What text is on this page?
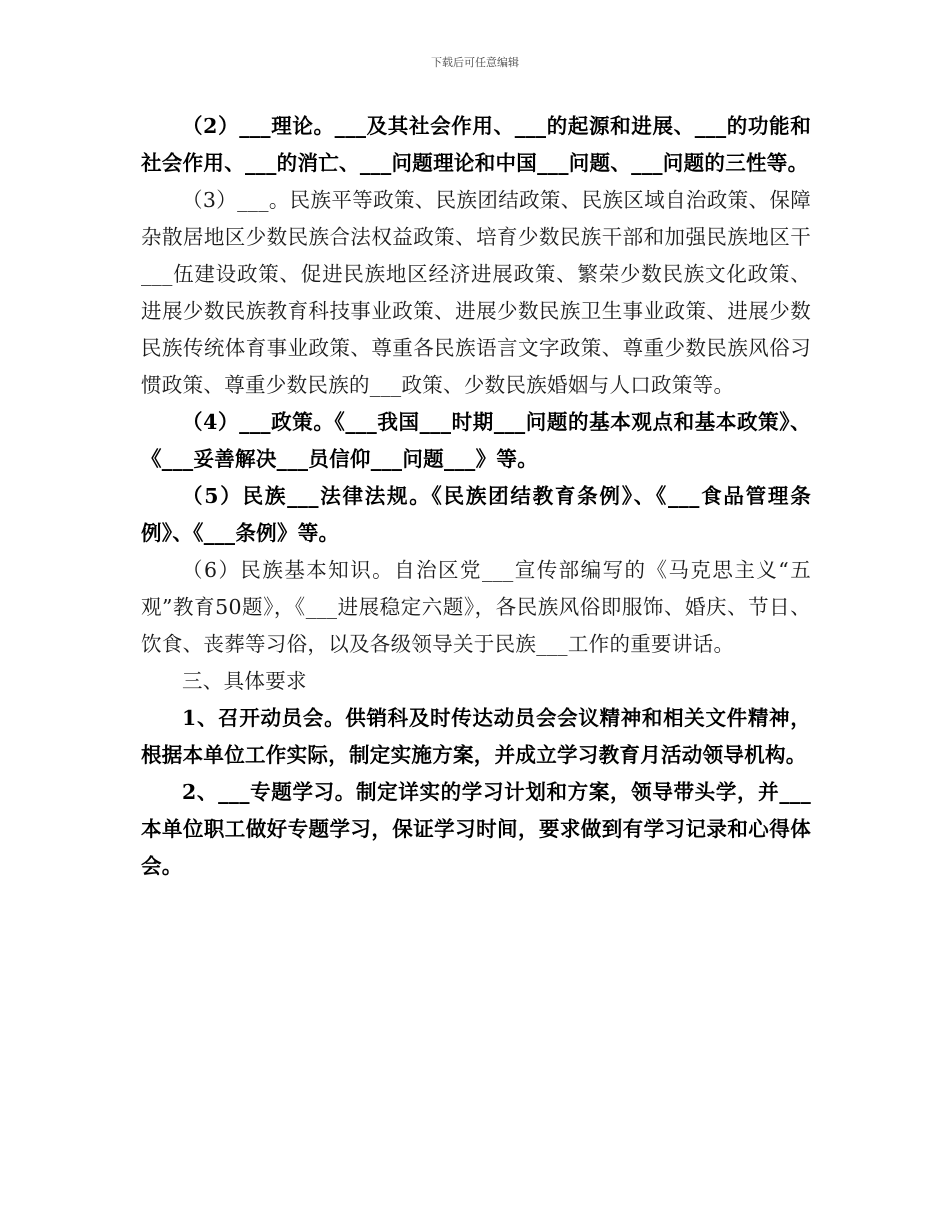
下载后可任意编辑

（2）___理论。___及其社会作用、___的起源和进展、___的功能和社会作用、___的消亡、___问题理论和中国___问题、___问题的三性等。

（3）___。民族平等政策、民族团结政策、民族区域自治政策、保障杂散居地区少数民族合法权益政策、培育少数民族干部和加强民族地区干___伍建设政策、促进民族地区经济进展政策、繁荣少数民族文化政策、进展少数民族教育科技事业政策、进展少数民族卫生事业政策、进展少数民族传统体育事业政策、尊重各民族语言文字政策、尊重少数民族风俗习惯政策、尊重少数民族的___政策、少数民族婚姻与人口政策等。

（4）___政策。《___我国___时期___问题的基本观点和基本政策》、《___妥善解决___员信仰___问题___》等。

（5）民族___法律法规。《民族团结教育条例》、《___食品管理条例》、《___条例》等。

（6）民族基本知识。自治区党___宣传部编写的《马克思主义“五观”教育50题》，《___进展稳定六题》，各民族风俗即服饰、婚庆、节日、饮食、丧葬等习俗，以及各级领导关于民族___工作的重要讲话。

三、具体要求

1、召开动员会。供销科及时传达动员会会议精神和相关文件精神，根据本单位工作实际，制定实施方案，并成立学习教育月活动领导机构。

2、___专题学习。制定详实的学习计划和方案，领导带头学，并___本单位职工做好专题学习，保证学习时间，要求做到有学习记录和心得体会。
